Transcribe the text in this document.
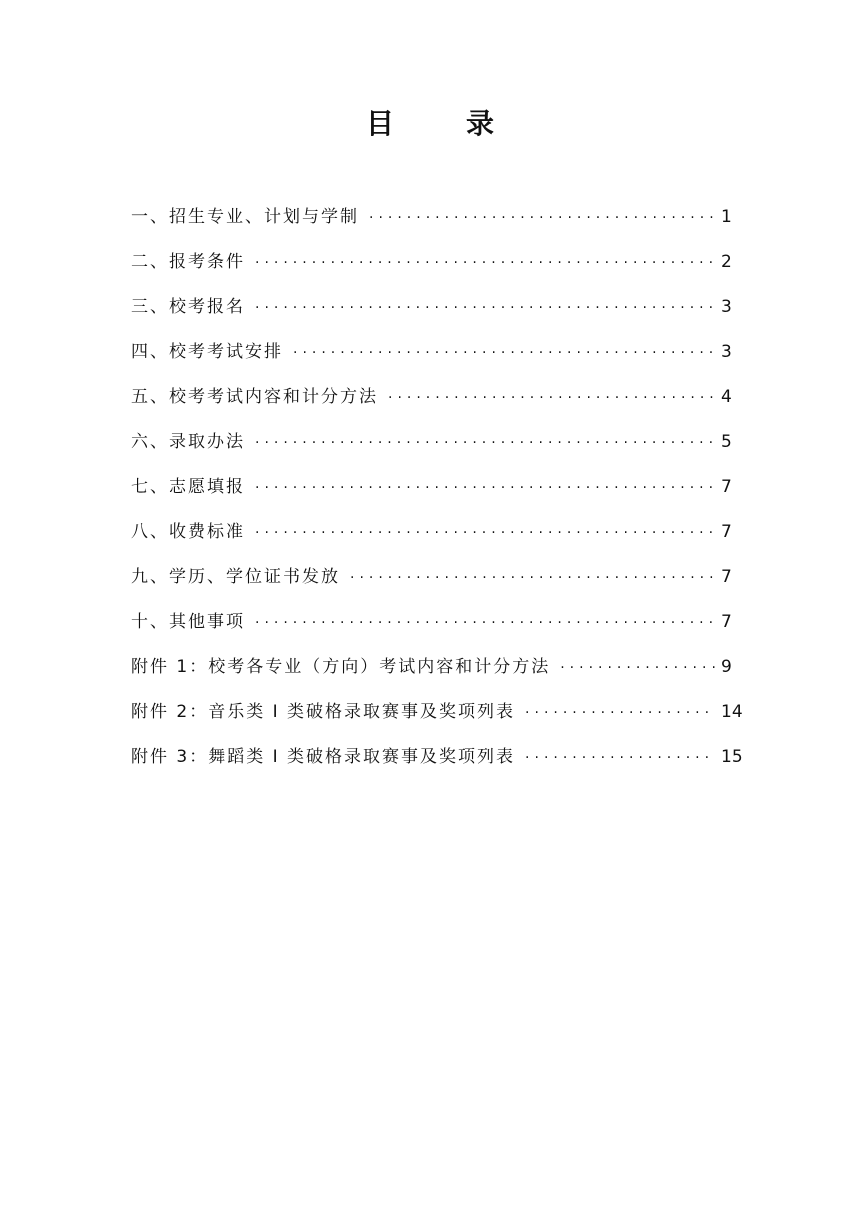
目　录
一、招生专业、计划与学制 ·····	1
二、报考条件 ·····	2
三、校考报名 ·····	3
四、校考考试安排 ·····	3
五、校考考试内容和计分方法 ·····	4
六、录取办法 ·····	5
七、志愿填报 ·····	7
八、收费标准 ·····	7
九、学历、学位证书发放 ·····	7
十、其他事项 ·····	7
附件 1：校考各专业（方向）考试内容和计分方法 ·····	9
附件 2：音乐类 I 类破格录取赛事及奖项列表 ·····	14
附件 3：舞蹈类 I 类破格录取赛事及奖项列表 ·····	15
